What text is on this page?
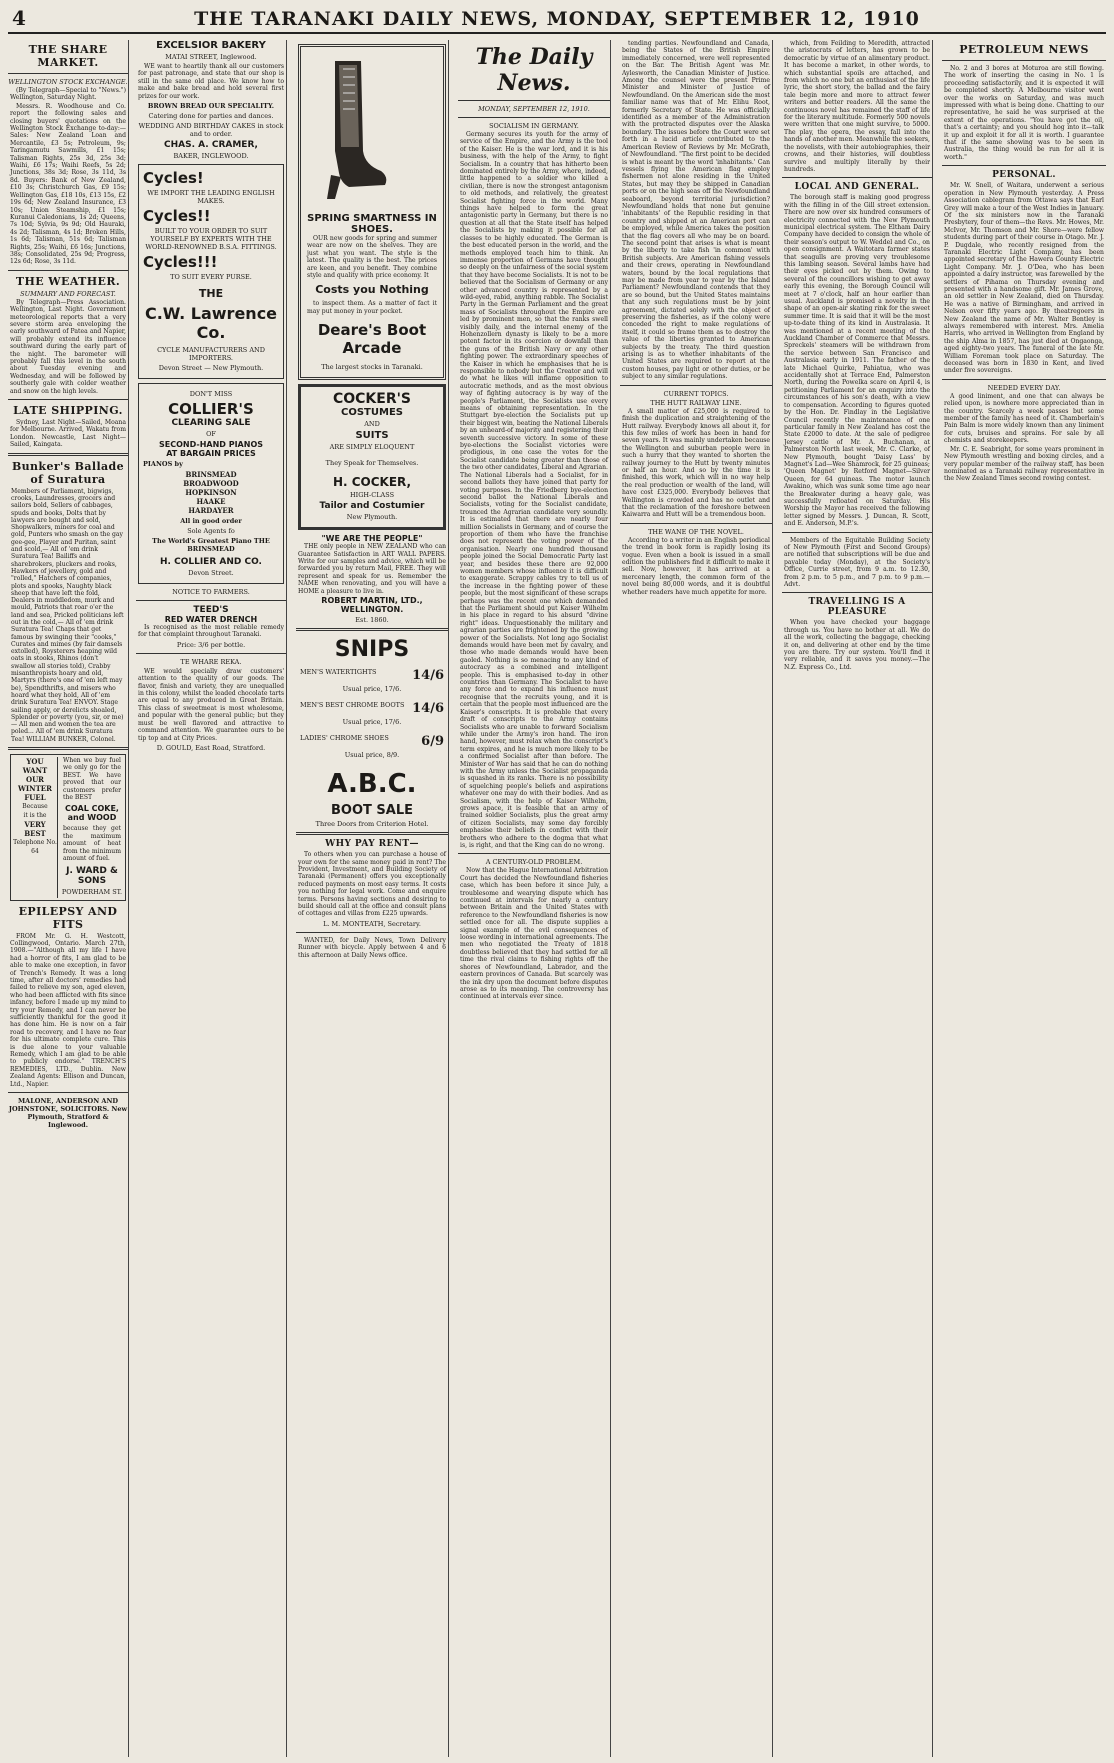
4	THE TARANAKI DAILY NEWS, MONDAY, SEPTEMBER 12, 1910
THE SHARE MARKET.
WELLINGTON STOCK EXCHANGE.

(By Telegraph—Special to "News.") Wellington, Saturday Night.

Messrs. R. Woodhouse and Co. report the following sales and closing buyers' quotations on the Wellington Stock Exchange to-day:—Sales: New Zealand Loan and Mercantile, £3 5s; Petroleum, 9s; Taringamutu Sawmills, £1 15s; Talisman Rights, 25s 3d, 25s 3d; Waihi, £6 17s; Waihi Reefs, 5s 2d; Junctions, 38s 3d; Rose, 3s 11d, 3s 8d. Buyers: Bank of New Zealand, £10 3s; Christchurch Gas, £9 15s; Wellington Gas, £18 10s, £13 15s, £2 19s 6d; New Zealand Insurance, £3 10s; Union Steamship, £1 15s; Kuranui Caledonians, 1s 2d; Queens, 7s 10d; Sylvia, 9s 9d; Old Hauraki, 4s 2d; Talisman, 4s 1d; Broken Hills, 1s 6d; Talisman, 51s 6d; Talisman Rights, 25s; Waihi, £6 16s; Junctions, 38s; Consolidated, 25s 9d; Progress, 12s 6d; Rose, 3s 11d.

THE WEATHER.
SUMMARY AND FORECAST.

By Telegraph—Press Association. Wellington, Last Night. Government meteorological reports that a very severe storm area enveloping the early southward of Patea and Napier, will probably extend its influence southward during the early part of the night. The barometer will probably fall this level in the south about Tuesday evening and Wednesday, and will be followed by southerly gale with colder weather and snow on the high levels.

LATE SHIPPING.

Sydney, Last Night—Sailed, Moana for Melbourne. Arrived, Wakatu from London. Newcastle, Last Night—Sailed, Kaingata.

Bunker's Ballade of Suratura
Members of Parliament, bigwigs, crooks, Laundresses, grocers and sailors bold, Sellers of cabbages, spuds and books, Dolts that by lawyers are bought and sold, Shopwalkers, miners for coal and gold, Punters who smash on the gay gee-gee, Player and Puritan, saint and scold,— All of 'em drink Suratura Tea! Bailiffs and sharebrokers, pluckers and rooks, Hawkers of jewellery, gold and "rolled," Hatchers of companies, plots and spooks, Naughty black sheep that have left the fold, Dealers in muddledom, murk and mould, Patriots that roar o'er the land and sea, Pricked politicians left out in the cold,— All of 'em drink Suratura Tea! Chaps that get famous by swinging their "cooks," Curates and mimes (by fair damsels extolled), Roysterers heaping wild oats in stooks, Rhinos (don't swallow all stories told), Crabby misanthropists hoary and old, Martyrs (there's one of 'em left may be), Spendthrifts, and misers who hoard what they hold, All of 'em drink Suratura Tea! ENVOY. Stage sailing apply, or derelicts shoaled, Splender or poverty (you, sir, or me)— All men and women the tea are poled... All of 'em drink Suratura Tea! WILLIAM BUNKER, Colonel.
YOU
WANT
OUR
WINTER
FUEL
Because
it is the
VERY
BEST
Telephone No. 64
When we buy fuel we only go for the BEST. We have proved that our customers prefer the BEST
COAL COKE, and WOOD
because they get the maximum amount of heat from the minimum amount of fuel.
J. WARD & SONS
POWDERHAM ST.
EPILEPSY AND FITS

FROM Mr. G. H. Westcott, Collingwood, Ontario. March 27th, 1908.—"Although all my life I have had a horror of fits, I am glad to be able to make one exception, in favor of Trench's Remedy. It was a long time, after all doctors' remedies had failed to relieve my son, aged eleven, who had been afflicted with fits since infancy, before I made up my mind to try your Remedy, and I can never be sufficiently thankful for the good it has done him. He is now on a fair road to recovery, and I have no fear for his ultimate complete cure. This is due alone to your valuable Remedy, which I am glad to be able to publicly endorse." TRENCH'S REMEDIES, LTD., Dublin. New Zealand Agents: Ellison and Duncan, Ltd., Napier.

MALONE, ANDERSON AND JOHNSTONE, SOLICITORS. New Plymouth, Stratford & Inglewood.
EXCELSIOR BAKERY
MATAI STREET, Inglewood.

WE want to heartily thank all our customers for past patronage, and state that our shop is still in the same old place. We know how to make and bake bread and hold several first prizes for our work.

BROWN BREAD OUR SPECIALITY.
Catering done for parties and dances.
WEDDING AND BIRTHDAY CAKES in stock and to order.
CHAS. A. CRAMER,
BAKER, INGLEWOOD.
Cycles!
WE IMPORT THE LEADING ENGLISH MAKES.
Cycles!!
BUILT TO YOUR ORDER TO SUIT YOURSELF BY EXPERTS WITH THE WORLD-RENOWNED B.S.A. FITTINGS.
Cycles!!!
TO SUIT EVERY PURSE.
THE
C.W. Lawrence Co.
CYCLE MANUFACTURERS AND IMPORTERS.
Devon Street — New Plymouth.
DON'T MISS
COLLIER'S
CLEARING SALE
OF
SECOND-HAND PIANOS
AT BARGAIN PRICES
PIANOS by
BRINSMEAD
BROADWOOD
HOPKINSON
HAAKE
HARDAYER
All in good order
Sole Agents fo
The World's Greatest Piano THE BRINSMEAD
H. COLLIER AND CO.
Devon Street.
NOTICE TO FARMERS.
TEED'S
RED WATER DRENCH

Is recognised as the most reliable remedy for that complaint throughout Taranaki.

Price: 3/6 per bottle.
TE WHARE REKA.

WE would specially draw customers' attention to the quality of our goods. The flavor, finish and variety, they are unequalled in this colony, whilst the leaded chocolate tarts are equal to any produced in Great Britain. This class of sweetmeat is most wholesome, and popular with the general public; but they must be well flavored and attractive to command attention. We guarantee ours to be tip top and at City Prices.

D. GOULD, East Road, Stratford.
SPRING SMARTNESS IN SHOES.

OUR new goods for spring and summer wear are now on the shelves. They are just what you want. The style is the latest. The quality is the best. The prices are keen, and you benefit. They combine style and quality with price economy. It

Costs you Nothing

to inspect them. As a matter of fact it may put money in your pocket.

Deare's Boot Arcade
The largest stocks in Taranaki.
COCKER'S
COSTUMES
AND
SUITS
ARE SIMPLY ELOQUENT
They Speak for Themselves.
H. COCKER,
HIGH-CLASS
Tailor and Costumier
New Plymouth.
"WE ARE THE PEOPLE"

THE only people in NEW ZEALAND who can Guarantee Satisfaction in ART WALL PAPERS. Write for our samples and advice, which will be forwarded you by return Mail, FREE. They will represent and speak for us. Remember the NAME when renovating, and you will have a HOME a pleasure to live in.

ROBERT MARTIN, LTD., WELLINGTON.
Est. 1860.
SNIPS
MEN'S WATERTIGHTS	14/6
Usual price, 17/6.
MEN'S BEST CHROME BOOTS 14/6
Usual price, 17/6.
LADIES' CHROME SHOES 6/9
Usual price, 8/9.
A.B.C.
BOOT SALE
Three Doors from Criterion Hotel.
WHY PAY RENT—

To others when you can purchase a house of your own for the same money paid in rent? The Provident, Investment, and Building Society of Taranaki (Permanent) offers you exceptionally reduced payments on most easy terms. It costs you nothing for legal work. Come and enquire terms. Persons having sections and desiring to build should call at the office and consult plans of cottages and villas from £225 upwards.

L. M. MONTEATH, Secretary.

WANTED, for Daily News, Town Delivery Runner with bicycle. Apply between 4 and 6 this afternoon at Daily News office.

The Daily News.
MONDAY, SEPTEMBER 12, 1910.
SOCIALISM IN GERMANY.

Germany secures its youth for the army of service of the Empire, and the Army is the tool of the Kaiser. He is the war lord, and it is his business, with the help of the Army, to fight Socialism. In a country that has hitherto been dominated entirely by the Army, where, indeed, little happened to a soldier who killed a civilian, there is now the strongest antagonism to old methods, and relatively, the greatest Socialist fighting force in the world. Many things have helped to form the great antagonistic party in Germany, but there is no question at all that the State itself has helped the Socialists by making it possible for all classes to be highly educated. The German is the best educated person in the world, and the methods employed teach him to think. An immense proportion of Germans have thought so deeply on the unfairness of the social system that they have become Socialists. It is not to be believed that the Socialism of Germany or any other advanced country is represented by a wild-eyed, rabid, anything rabble. The Socialist Party in the German Parliament and the great mass of Socialists throughout the Empire are led by prominent men, so that the ranks swell visibly daily, and the internal enemy of the Hohenzollern dynasty is likely to be a more potent factor in its coercion or downfall than the guns of the British Navy or any other fighting power. The extraordinary speeches of the Kaiser in which he emphasises that he is responsible to nobody but the Creator and will do what he likes will inflame opposition to autocratic methods, and as the most obvious way of fighting autocracy is by way of the people's Parliament, the Socialists use every means of obtaining representation. In the Stuttgart bye-election the Socialists put up their biggest win, beating the National Liberals by an unheard-of majority and registering their seventh successive victory. In some of these bye-elections the Socialist victories were prodigious, in one case the votes for the Socialist candidate being greater than those of the two other candidates, Liberal and Agrarian. The National Liberals had a Socialist, for in second ballots they have joined that party for voting purposes. In the Friedberg bye-election second ballot the National Liberals and Socialists, voting for the Socialist candidate, trounced the Agrarian candidate very soundly. It is estimated that there are nearly four million Socialists in Germany, and of course the proportion of them who have the franchise does not represent the voting power of the organisation. Nearly one hundred thousand people joined the Social Democratic Party last year, and besides these there are 92,000 women members whose influence it is difficult to exaggerate. Scrappy cables try to tell us of the increase in the fighting power of these people, but the most significant of these scraps perhaps was the recent one which demanded that the Parliament should put Kaiser Wilhelm in his place in regard to his absurd "divine right" ideas. Unquestionably the military and agrarian parties are frightened by the growing power of the Socialists. Not long ago Socialist demands would have been met by cavalry, and those who made demands would have been gaoled. Nothing is so menacing to any kind of autocracy as a combined and intelligent people. This is emphasised to-day in other countries than Germany. The Socialist to have any force and to expand his influence must recognise that the recruits young, and it is certain that the people most influenced are the Kaiser's conscripts. It is probable that every draft of conscripts to the Army contains Socialists who are unable to forward Socialism while under the Army's iron hand. The iron hand, however, must relax when the conscript's term expires, and he is much more likely to be a confirmed Socialist after than before. The Minister of War has said that he can do nothing with the Army unless the Socialist propaganda is squashed in its ranks. There is no possibility of squelching people's beliefs and aspirations whatever one may do with their bodies. And as Socialism, with the help of Kaiser Wilhelm, grows apace, it is feasible that an army of trained soldier Socialists, plus the great army of citizen Socialists, may some day forcibly emphasise their beliefs in conflict with their brothers who adhere to the dogma that what is, is right, and that the King can do no wrong.

A CENTURY-OLD PROBLEM.

Now that the Hague International Arbitration Court has decided the Newfoundland fisheries case, which has been before it since July, a troublesome and wearying dispute which has continued at intervals for nearly a century between Britain and the United States with reference to the Newfoundland fisheries is now settled once for all. The dispute supplies a signal example of the evil consequences of loose wording in international agreements. The men who negotiated the Treaty of 1818 doubtless believed that they had settled for all time the rival claims to fishing rights off the shores of Newfoundland, Labrador, and the eastern provinces of Canada. But scarcely was the ink dry upon the document before disputes arose as to its meaning. The controversy has continued at intervals ever since.

tending parties. Newfoundland and Canada, being the States of the British Empire immediately concerned, were well represented on the Bar. The British Agent was Mr. Aylesworth, the Canadian Minister of Justice. Among the counsel were the present Prime Minister and Minister of Justice of Newfoundland. On the American side the most familiar name was that of Mr. Elihu Root, formerly Secretary of State. He was officially identified as a member of the Administration with the protracted disputes over the Alaska boundary. The issues before the Court were set forth in a lucid article contributed to the American Review of Reviews by Mr. McGrath, of Newfoundland. "The first point to be decided is what is meant by the word 'inhabitants.' Can vessels flying the American flag employ fishermen not alone residing in the United States, but may they be shipped in Canadian ports or on the high seas off the Newfoundland seaboard, beyond territorial jurisdiction? Newfoundland holds that none but genuine 'inhabitants' of the Republic residing in that country and shipped at an American port can be employed, while America takes the position that the flag covers all who may be on board. The second point that arises is what is meant by the liberty to take fish 'in common' with British subjects. Are American fishing vessels and their crews, operating in Newfoundland waters, bound by the local regulations that may be made from year to year by the Island Parliament? Newfoundland contends that they are so bound, but the United States maintains that any such regulations must be by joint agreement, dictated solely with the object of preserving the fisheries, as if the colony were conceded the right to make regulations of itself, it could so frame them as to destroy the value of the liberties granted to American subjects by the treaty. The third question arising is as to whether inhabitants of the United States are required to report at the custom houses, pay light or other duties, or be subject to any similar regulations.

CURRENT TOPICS.
THE HUTT RAILWAY LINE.

A small matter of £25,000 is required to finish the duplication and straightening of the Hutt railway. Everybody knows all about it, for this few miles of work has been in hand for seven years. It was mainly undertaken because the Wellington and suburban people were in such a hurry that they wanted to shorten the railway journey to the Hutt by twenty minutes or half an hour. And so by the time it is finished, this work, which will in no way help the real production or wealth of the land, will have cost £325,000. Everybody believes that Wellington is crowded and has no outlet and that the reclamation of the foreshore between Kaiwarra and Hutt will be a tremendous boon.

THE WANE OF THE NOVEL.

According to a writer in an English periodical the trend in book form is rapidly losing its vogue. Even when a book is issued in a small edition the publishers find it difficult to make it sell. Now, however, it has arrived at a mercenary length, the common form of the novel being 80,000 words, and it is doubtful whether readers have much appetite for more.

which, from Feilding to Meredith, attracted the aristocrats of letters, has grown to be democratic by virtue of an alimentary product. It has become a market, in other words, to which substantial spoils are attached, and from which no one but an enthusiast of the life lyric, the short story, the ballad and the fairy tale begin more and more to attract fewer writers and better readers. All the same the continuous novel has remained the staff of life for the literary multitude. Formerly 500 novels were written that one might survive, to 5000. The play, the opera, the essay, fall into the hands of another men. Meanwhile the seekers, the novelists, with their autobiographies, their crowns, and their histories, will doubtless survive and multiply literally by their hundreds.

LOCAL AND GENERAL.

The borough staff is making good progress with the filling in of the Gill street extension. There are now over six hundred consumers of electricity connected with the New Plymouth municipal electrical system. The Eltham Dairy Company have decided to consign the whole of their season's output to W. Weddel and Co., on open consignment. A Waitotara farmer states that seagulls are proving very troublesome this lambing season. Several lambs have had their eyes picked out by them. Owing to several of the councillors wishing to get away early this evening, the Borough Council will meet at 7 o'clock, half an hour earlier than usual. Auckland is promised a novelty in the shape of an open-air skating rink for the sweet summer time. It is said that it will be the most up-to-date thing of its kind in Australasia. It was mentioned at a recent meeting of the Auckland Chamber of Commerce that Messrs. Spreckels' steamers will be withdrawn from the service between San Francisco and Australasia early in 1911. The father of the late Michael Quirke, Pahiatua, who was accidentally shot at Terrace End, Palmerston North, during the Powelka scare on April 4, is petitioning Parliament for an enquiry into the circumstances of his son's death, with a view to compensation. According to figures quoted by the Hon. Dr. Findlay in the Legislative Council recently the maintenance of one particular family in New Zealand has cost the State £2000 to date. At the sale of pedigree Jersey cattle of Mr. A. Buchanan, at Palmerston North last week, Mr. C. Clarke, of New Plymouth, bought 'Daisy Lass' by Magnet's Lad—Wee Shamrock, for 25 guineas; 'Queen Magnet' by Retford Magnet—Silver Queen, for 64 guineas. The motor launch Awakino, which was sunk some time ago near the Breakwater during a heavy gale, was successfully refloated on Saturday. His Worship the Mayor has received the following letter signed by Messrs. J. Duncan, R. Scott, and E. Anderson, M.P.'s.

Members of the Equitable Building Society of New Plymouth (First and Second Groups) are notified that subscriptions will be due and payable today (Monday), at the Society's Office, Currie street, from 9 a.m. to 12.30, from 2 p.m. to 5 p.m., and 7 p.m. to 9 p.m.—Advt.

TRAVELLING IS A PLEASURE

When you have checked your baggage through us. You have no bother at all. We do all the work, collecting the baggage, checking it on, and delivering at other end by the time you are there. Try our system. You'll find it very reliable, and it saves you money.—The N.Z. Express Co., Ltd.

PETROLEUM NEWS

No. 2 and 3 bores at Moturoa are still flowing. The work of inserting the casing in No. 1 is proceeding satisfactorily, and it is expected it will be completed shortly. A Melbourne visitor went over the works on Saturday, and was much impressed with what is being done. Chatting to our representative, he said he was surprised at the extent of the operations. "You have got the oil, that's a certainty; and you should hog into it—talk it up and exploit it for all it is worth. I guarantee that if the same showing was to be seen in Australia, the thing would be run for all it is worth."

PERSONAL.

Mr. W. Snell, of Waitara, underwent a serious operation in New Plymouth yesterday. A Press Association cablegram from Ottawa says that Earl Grey will make a tour of the West Indies in January. Of the six ministers now in the Taranaki Presbytery, four of them—the Revs. Mr. Howes, Mr. McIvor, Mr. Thomson and Mr. Shore—were fellow students during part of their course in Otago. Mr. J. P. Dugdale, who recently resigned from the Taranaki Electric Light Company, has been appointed secretary of the Hawera County Electric Light Company. Mr. J. O'Dea, who has been appointed a dairy instructor, was farewelled by the settlers of Pihama on Thursday evening and presented with a handsome gift. Mr. James Grove, an old settler in New Zealand, died on Thursday. He was a native of Birmingham, and arrived in Nelson over fifty years ago. By theatregoers in New Zealand the name of Mr. Walter Bentley is always remembered with interest. Mrs. Amelia Harris, who arrived in Wellington from England by the ship Alma in 1857, has just died at Ongaonga, aged eighty-two years. The funeral of the late Mr. William Foreman took place on Saturday. The deceased was born in 1830 in Kent, and lived under five sovereigns.

NEEDED EVERY DAY.

A good liniment, and one that can always be relied upon, is nowhere more appreciated than in the country. Scarcely a week passes but some member of the family has need of it. Chamberlain's Pain Balm is more widely known than any liniment for cuts, bruises and sprains. For sale by all chemists and storekeepers.

Mr. C. E. Seabright, for some years prominent in New Plymouth wrestling and boxing circles, and a very popular member of the railway staff, has been nominated as a Taranaki railway representative in the New Zealand Times second rowing contest.
